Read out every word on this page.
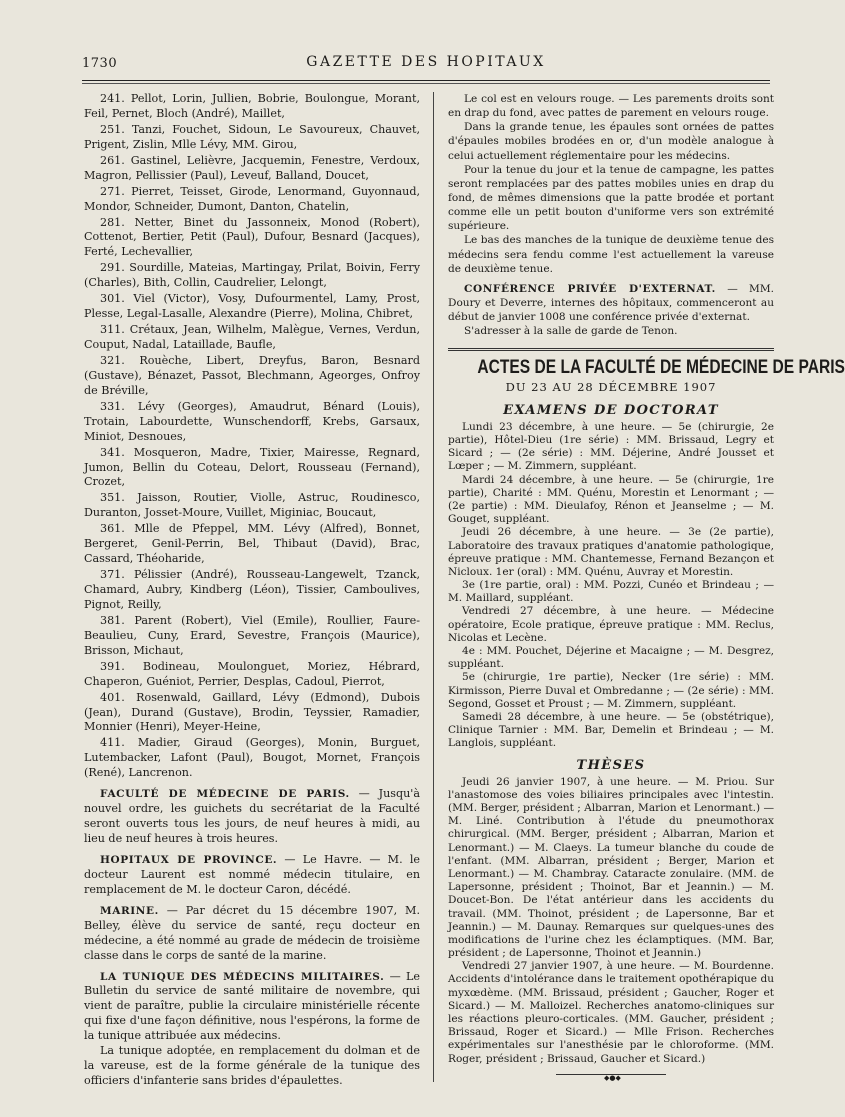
1730	GAZETTE DES HOPITAUX

241. Pellot, Lorin, Jullien, Bobrie, Boulongue, Morant, Feil, Pernet, Bloch (André), Maillet,

251. Tanzi, Fouchet, Sidoun, Le Savoureux, Chauvet, Prigent, Zislin, Mlle Lévy, MM. Girou,

261. Gastinel, Lelièvre, Jacquemin, Fenestre, Verdoux, Magron, Pellissier (Paul), Leveuf, Balland, Doucet,

271. Pierret, Teisset, Girode, Lenormand, Guyonnaud, Mondor, Schneider, Dumont, Danton, Chatelin,

281. Netter, Binet du Jassonneix, Monod (Robert), Cottenot, Bertier, Petit (Paul), Dufour, Besnard (Jacques), Ferté, Lechevallier,

291. Sourdille, Mateias, Martingay, Prilat, Boivin, Ferry (Charles), Bith, Collin, Caudrelier, Lelongt,

301. Viel (Victor), Vosy, Dufourmentel, Lamy, Prost, Plesse, Legal-Lasalle, Alexandre (Pierre), Molina, Chibret,

311. Crétaux, Jean, Wilhelm, Malègue, Vernes, Verdun, Couput, Nadal, Lataillade, Baufle,

321. Rouèche, Libert, Dreyfus, Baron, Besnard (Gustave), Bénazet, Passot, Blechmann, Ageorges, Onfroy de Bréville,

331. Lévy (Georges), Amaudrut, Bénard (Louis), Trotain, Labourdette, Wunschendorff, Krebs, Garsaux, Miniot, Desnoues,

341. Mosqueron, Madre, Tixier, Mairesse, Regnard, Jumon, Bellin du Coteau, Delort, Rousseau (Fernand), Crozet,

351. Jaisson, Routier, Violle, Astruc, Roudinesco, Duranton, Josset-Moure, Vuillet, Miginiac, Boucaut,

361. Mlle de Pfeppel, MM. Lévy (Alfred), Bonnet, Bergeret, Genil-Perrin, Bel, Thibaut (David), Brac, Cassard, Théoharide,

371. Pélissier (André), Rousseau-Langewelt, Tzanck, Chamard, Aubry, Kindberg (Léon), Tissier, Camboulives, Pignot, Reilly,

381. Parent (Robert), Viel (Emile), Roullier, Faure-Beaulieu, Cuny, Erard, Sevestre, François (Maurice), Brisson, Michaut,

391. Bodineau, Moulonguet, Moriez, Hébrard, Chaperon, Guéniot, Perrier, Desplas, Cadoul, Pierrot,

401. Rosenwald, Gaillard, Lévy (Edmond), Dubois (Jean), Durand (Gustave), Brodin, Teyssier, Ramadier, Monnier (Henri), Meyer-Heine,

411. Madier, Giraud (Georges), Monin, Burguet, Lutembacker, Lafont (Paul), Bougot, Mornet, François (René), Lancrenon.

FACULTÉ DE MÉDECINE DE PARIS. — Jusqu'à nouvel ordre, les guichets du secrétariat de la Faculté seront ouverts tous les jours, de neuf heures à midi, au lieu de neuf heures à trois heures.

HOPITAUX DE PROVINCE. — Le Havre. — M. le docteur Laurent est nommé médecin titulaire, en remplacement de M. le docteur Caron, décédé.

MARINE. — Par décret du 15 décembre 1907, M. Belley, élève du service de santé, reçu docteur en médecine, a été nommé au grade de médecin de troisième classe dans le corps de santé de la marine.

LA TUNIQUE DES MÉDECINS MILITAIRES. — Le Bulletin du service de santé militaire de novembre, qui vient de paraître, publie la circulaire ministérielle récente qui fixe d'une façon définitive, nous l'espérons, la forme de la tunique attribuée aux médecins.

La tunique adoptée, en remplacement du dolman et de la vareuse, est de la forme générale de la tunique des officiers d'infanterie sans brides d'épaulettes.

Le col est en velours rouge. — Les parements droits sont en drap du fond, avec pattes de parement en velours rouge.

Dans la grande tenue, les épaules sont ornées de pattes d'épaules mobiles brodées en or, d'un modèle analogue à celui actuellement réglementaire pour les médecins.

Pour la tenue du jour et la tenue de campagne, les pattes seront remplacées par des pattes mobiles unies en drap du fond, de mêmes dimensions que la patte brodée et portant comme elle un petit bouton d'uniforme vers son extrémité supérieure.

Le bas des manches de la tunique de deuxième tenue des médecins sera fendu comme l'est actuellement la vareuse de deuxième tenue.

CONFÉRENCE PRIVÉE D'EXTERNAT. — MM. Doury et Deverre, internes des hôpitaux, commenceront au début de janvier 1008 une conférence privée d'externat.

S'adresser à la salle de garde de Tenon.

ACTES DE LA FACULTÉ DE MÉDECINE DE PARIS
DU 23 AU 28 DÉCEMBRE 1907
EXAMENS DE DOCTORAT

Lundi 23 décembre, à une heure. — 5e (chirurgie, 2e partie), Hôtel-Dieu (1re série) : MM. Brissaud, Legry et Sicard ; — (2e série) : MM. Déjerine, André Jousset et Lœper ; — M. Zimmern, suppléant.

Mardi 24 décembre, à une heure. — 5e (chirurgie, 1re partie), Charité : MM. Quénu, Morestin et Lenormant ; — (2e partie) : MM. Dieulafoy, Rénon et Jeanselme ; — M. Gouget, suppléant.

Jeudi 26 décembre, à une heure. — 3e (2e partie), Laboratoire des travaux pratiques d'anatomie pathologique, épreuve pratique : MM. Chantemesse, Fernand Bezançon et Nicloux. 1er (oral) : MM. Quénu, Auvray et Morestin.

3e (1re partie, oral) : MM. Pozzi, Cunéo et Brindeau ; — M. Maillard, suppléant.

Vendredi 27 décembre, à une heure. — Médecine opératoire, Ecole pratique, épreuve pratique : MM. Reclus, Nicolas et Lecène.

4e : MM. Pouchet, Déjerine et Macaigne ; — M. Desgrez, suppléant.

5e (chirurgie, 1re partie), Necker (1re série) : MM. Kirmisson, Pierre Duval et Ombredanne ; — (2e série) : MM. Segond, Gosset et Proust ; — M. Zimmern, suppléant.

Samedi 28 décembre, à une heure. — 5e (obstétrique), Clinique Tarnier : MM. Bar, Demelin et Brindeau ; — M. Langlois, suppléant.

THÈSES

Jeudi 26 janvier 1907, à une heure. — M. Priou. Sur l'anastomose des voies biliaires principales avec l'intestin. (MM. Berger, président ; Albarran, Marion et Lenormant.) — M. Liné. Contribution à l'étude du pneumothorax chirurgical. (MM. Berger, président ; Albarran, Marion et Lenormant.) — M. Claeys. La tumeur blanche du coude de l'enfant. (MM. Albarran, président ; Berger, Marion et Lenormant.) — M. Chambray. Cataracte zonulaire. (MM. de Lapersonne, président ; Thoinot, Bar et Jeannin.) — M. Doucet-Bon. De l'état antérieur dans les accidents du travail. (MM. Thoinot, président ; de Lapersonne, Bar et Jeannin.) — M. Daunay. Remarques sur quelques-unes des modifications de l'urine chez les éclamptiques. (MM. Bar, président ; de Lapersonne, Thoinot et Jeannin.)

Vendredi 27 janvier 1907, à une heure. — M. Bourdenne. Accidents d'intolérance dans le traitement opothérapique du myxœdème. (MM. Brissaud, président ; Gaucher, Roger et Sicard.) — M. Malloizel. Recherches anatomo-cliniques sur les réactions pleuro-corticales. (MM. Gaucher, président ; Brissaud, Roger et Sicard.) — Mlle Frison. Recherches expérimentales sur l'anesthésie par le chloroforme. (MM. Roger, président ; Brissaud, Gaucher et Sicard.)

◆●◆
